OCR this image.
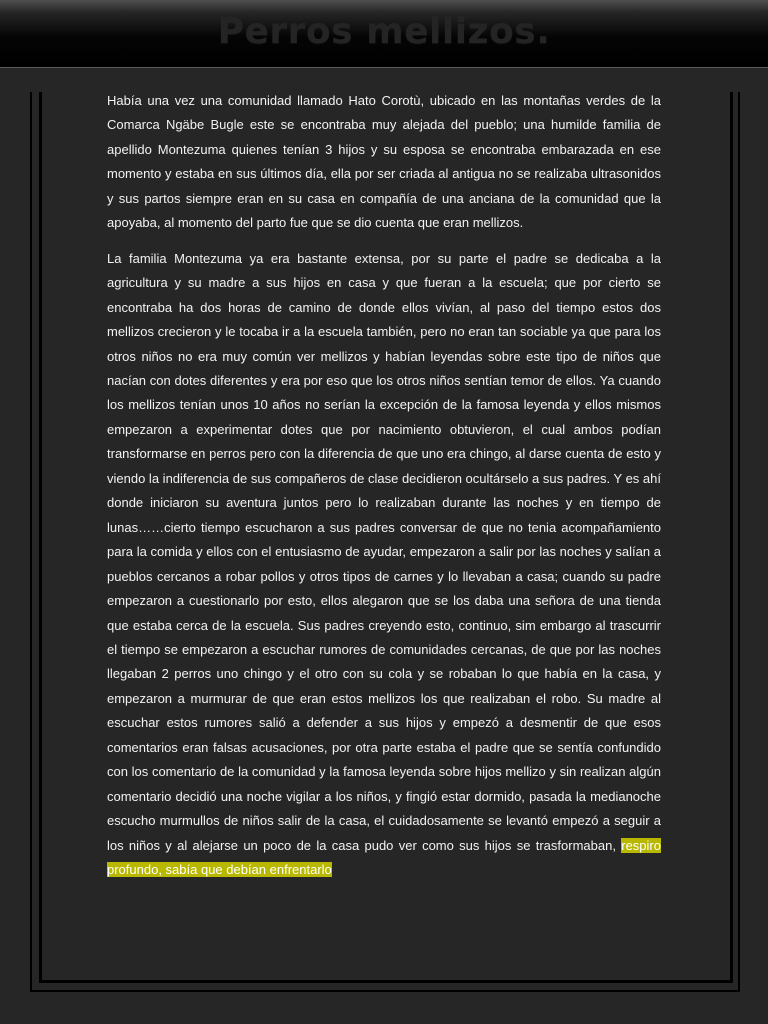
Perros mellizos.

Había una vez una comunidad llamado Hato Corotù, ubicado en las montañas verdes de la Comarca Ngäbe Bugle este se encontraba muy alejada del pueblo; una humilde familia de apellido Montezuma quienes tenían 3 hijos y su esposa se encontraba embarazada en ese momento y estaba en sus últimos día, ella por ser criada al antigua no se realizaba ultrasonidos y sus partos siempre eran en su casa en compañía de una anciana de la comunidad que la apoyaba, al momento del parto fue que se dio cuenta que eran mellizos.

La familia Montezuma ya era bastante extensa, por su parte el padre se dedicaba a la agricultura y su madre a sus hijos en casa y que fueran a la escuela; que por cierto se encontraba ha dos horas de camino de donde ellos vivían, al paso del tiempo estos dos mellizos crecieron y le tocaba ir a la escuela también, pero no eran tan sociable ya que para los otros niños no era muy común ver mellizos y habían leyendas sobre este tipo de niños que nacían con dotes diferentes y era por eso que los otros niños sentían temor de ellos. Ya cuando los mellizos tenían unos 10 años no serían la excepción de la famosa leyenda y ellos mismos empezaron a experimentar dotes que por nacimiento obtuvieron, el cual ambos podían transformarse en perros pero con la diferencia de que uno era chingo, al darse cuenta de esto y viendo la indiferencia de sus compañeros de clase decidieron ocultárselo a sus padres. Y es ahí donde iniciaron su aventura juntos pero lo realizaban durante las noches y en tiempo de lunas……cierto tiempo escucharon a sus padres conversar de que no tenia acompañamiento para la comida y ellos con el entusiasmo de ayudar, empezaron a salir por las noches y salían a pueblos cercanos a robar pollos y otros tipos de carnes y lo llevaban a casa; cuando su padre empezaron a cuestionarlo por esto, ellos alegaron que se los daba una señora de una tienda que estaba cerca de la escuela. Sus padres creyendo esto, continuo, sim embargo al trascurrir el tiempo se empezaron a escuchar rumores de comunidades cercanas, de que por las noches llegaban 2 perros uno chingo y el otro con su cola y se robaban lo que había en la casa, y empezaron a murmurar de que eran estos mellizos los que realizaban el robo. Su madre al escuchar estos rumores salió a defender a sus hijos y empezó a desmentir de que esos comentarios eran falsas acusaciones, por otra parte estaba el padre que se sentía confundido con los comentario de la comunidad y la famosa leyenda sobre hijos mellizo y sin realizan algún comentario decidió una noche vigilar a los niños, y fingió estar dormido, pasada la medianoche escucho murmullos de niños salir de la casa, el cuidadosamente se levantó empezó a seguir a los niños y al alejarse un poco de la casa pudo ver como sus hijos se trasformaban, respiro profundo, sabía que debían enfrentarlo
